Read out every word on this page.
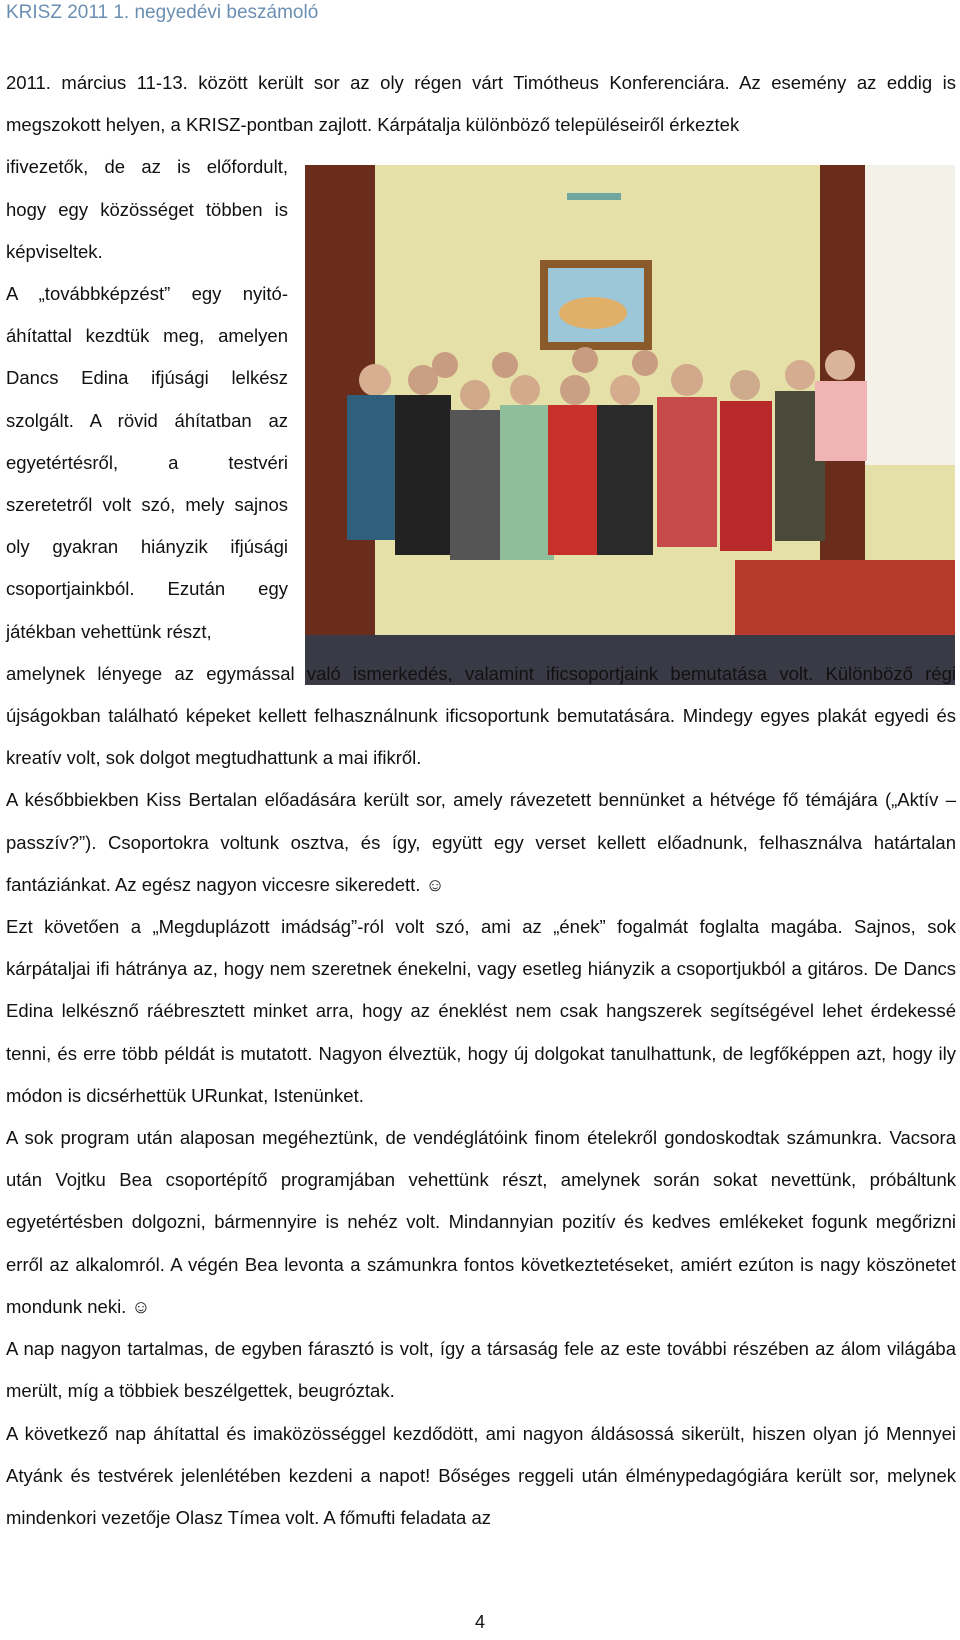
KRISZ 2011 1. negyedévi beszámoló

2011. március 11-13. között került sor az oly régen várt Timótheus Konferenciára. Az esemény az eddig is megszokott helyen, a KRISZ-pontban zajlott. Kárpátalja különböző településeiről érkeztek

ifivezetők, de az is előfordult, hogy egy közösséget többen is képviseltek.

A „továbbképzést” egy nyitó-áhítattal kezdtük meg, amelyen Dancs Edina ifjúsági lelkész szolgált. A rövid áhítatban az egyetértésről, a testvéri szeretetről volt szó, mely sajnos oly gyakran hiányzik ifjúsági csoportjainkból. Ezután egy játékban vehettünk részt,

amelynek lényege az egymással való ismerkedés, valamint ificsoportjaink bemutatása volt. Különböző régi újságokban található képeket kellett felhasználnunk ificsoportunk bemutatására. Mindegy egyes plakát egyedi és kreatív volt, sok dolgot megtudhattunk a mai ifikről.

A későbbiekben Kiss Bertalan előadására került sor, amely rávezetett bennünket a hétvége fő témájára („Aktív – passzív?”). Csoportokra voltunk osztva, és így, együtt egy verset kellett előadnunk, felhasználva határtalan fantáziánkat. Az egész nagyon viccesre sikeredett. ☺

Ezt követően a „Megduplázott imádság”-ról volt szó, ami az „ének” fogalmát foglalta magába. Sajnos, sok kárpátaljai ifi hátránya az, hogy nem szeretnek énekelni, vagy esetleg hiányzik a csoportjukból a gitáros. De Dancs Edina lelkésznő ráébresztett minket arra, hogy az éneklést nem csak hangszerek segítségével lehet érdekessé tenni, és erre több példát is mutatott. Nagyon élveztük, hogy új dolgokat tanulhattunk, de legfőképpen azt, hogy ily módon is dicsérhettük URunkat, Istenünket.

A sok program után alaposan megéheztünk, de vendéglátóink finom ételekről gondoskodtak számunkra. Vacsora után Vojtku Bea csoportépítő programjában vehettünk részt, amelynek során sokat nevettünk, próbáltunk egyetértésben dolgozni, bármennyire is nehéz volt. Mindannyian pozitív és kedves emlékeket fogunk megőrizni erről az alkalomról. A végén Bea levonta a számunkra fontos következtetéseket, amiért ezúton is nagy köszönetet mondunk neki. ☺

A nap nagyon tartalmas, de egyben fárasztó is volt, így a társaság fele az este további részében az álom világába merült, míg a többiek beszélgettek, beugróztak.

A következő nap áhítattal és imaközösséggel kezdődött, ami nagyon áldásossá sikerült, hiszen olyan jó Mennyei Atyánk és testvérek jelenlétében kezdeni a napot! Bőséges reggeli után élménypedagógiára került sor, melynek mindenkori vezetője Olasz Tímea volt. A főmufti feladata az

4
